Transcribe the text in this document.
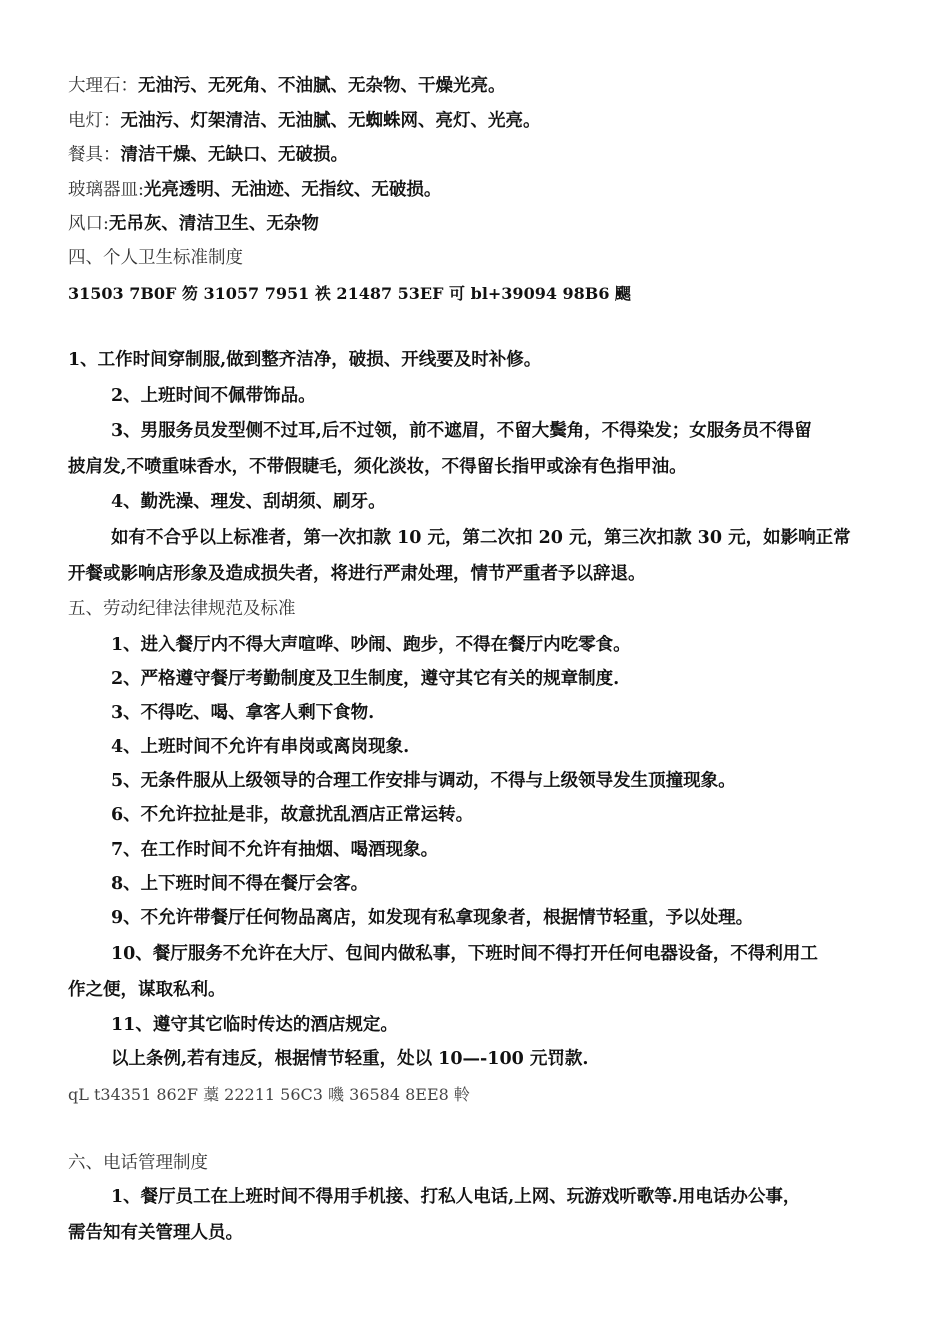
大理石：无油污、无死角、不油腻、无杂物、干燥光亮。
电灯：无油污、灯架清洁、无油腻、无蜘蛛网、亮灯、光亮。
餐具：清洁干燥、无缺口、无破损。
玻璃器皿:光亮透明、无油迹、无指纹、无破损。
风口:无吊灰、清洁卫生、无杂物
四、个人卫生标准制度
31503 7B0F 笏 31057 7951 祑 21487 53EF 可 bl+39094 98B6 颸
1、工作时间穿制服,做到整齐洁净，破损、开线要及时补修。
2、上班时间不佩带饰品。
3、男服务员发型侧不过耳,后不过领，前不遮眉，不留大鬓角，不得染发；女服务员不得留
披肩发,不喷重味香水，不带假睫毛，须化淡妆，不得留长指甲或涂有色指甲油。
4、勤洗澡、理发、刮胡须、刷牙。
如有不合乎以上标准者，第一次扣款 10 元，第二次扣 20 元，第三次扣款 30 元，如影响正常
开餐或影响店形象及造成损失者，将进行严肃处理，情节严重者予以辞退。
五、劳动纪律法律规范及标准
1、进入餐厅内不得大声喧哗、吵闹、跑步，不得在餐厅内吃零食。
2、严格遵守餐厅考勤制度及卫生制度，遵守其它有关的规章制度.
3、不得吃、喝、拿客人剩下食物.
4、上班时间不允许有串岗或离岗现象.
5、无条件服从上级领导的合理工作安排与调动，不得与上级领导发生顶撞现象。
6、不允许拉扯是非，故意扰乱酒店正常运转。
7、在工作时间不允许有抽烟、喝酒现象。
8、上下班时间不得在餐厅会客。
9、不允许带餐厅任何物品离店，如发现有私拿现象者，根据情节轻重，予以处理。
10、餐厅服务不允许在大厅、包间内做私事，下班时间不得打开任何电器设备，不得利用工
作之便，谋取私利。
11、遵守其它临时传达的酒店规定。
以上条例,若有违反，根据情节轻重，处以 10—-100 元罚款.
qL t34351 862F 藁 22211 56C3 嘰 36584 8EE8 軨
六、电话管理制度
1、餐厅员工在上班时间不得用手机接、打私人电话,上网、玩游戏听歌等.用电话办公事，
需告知有关管理人员。
